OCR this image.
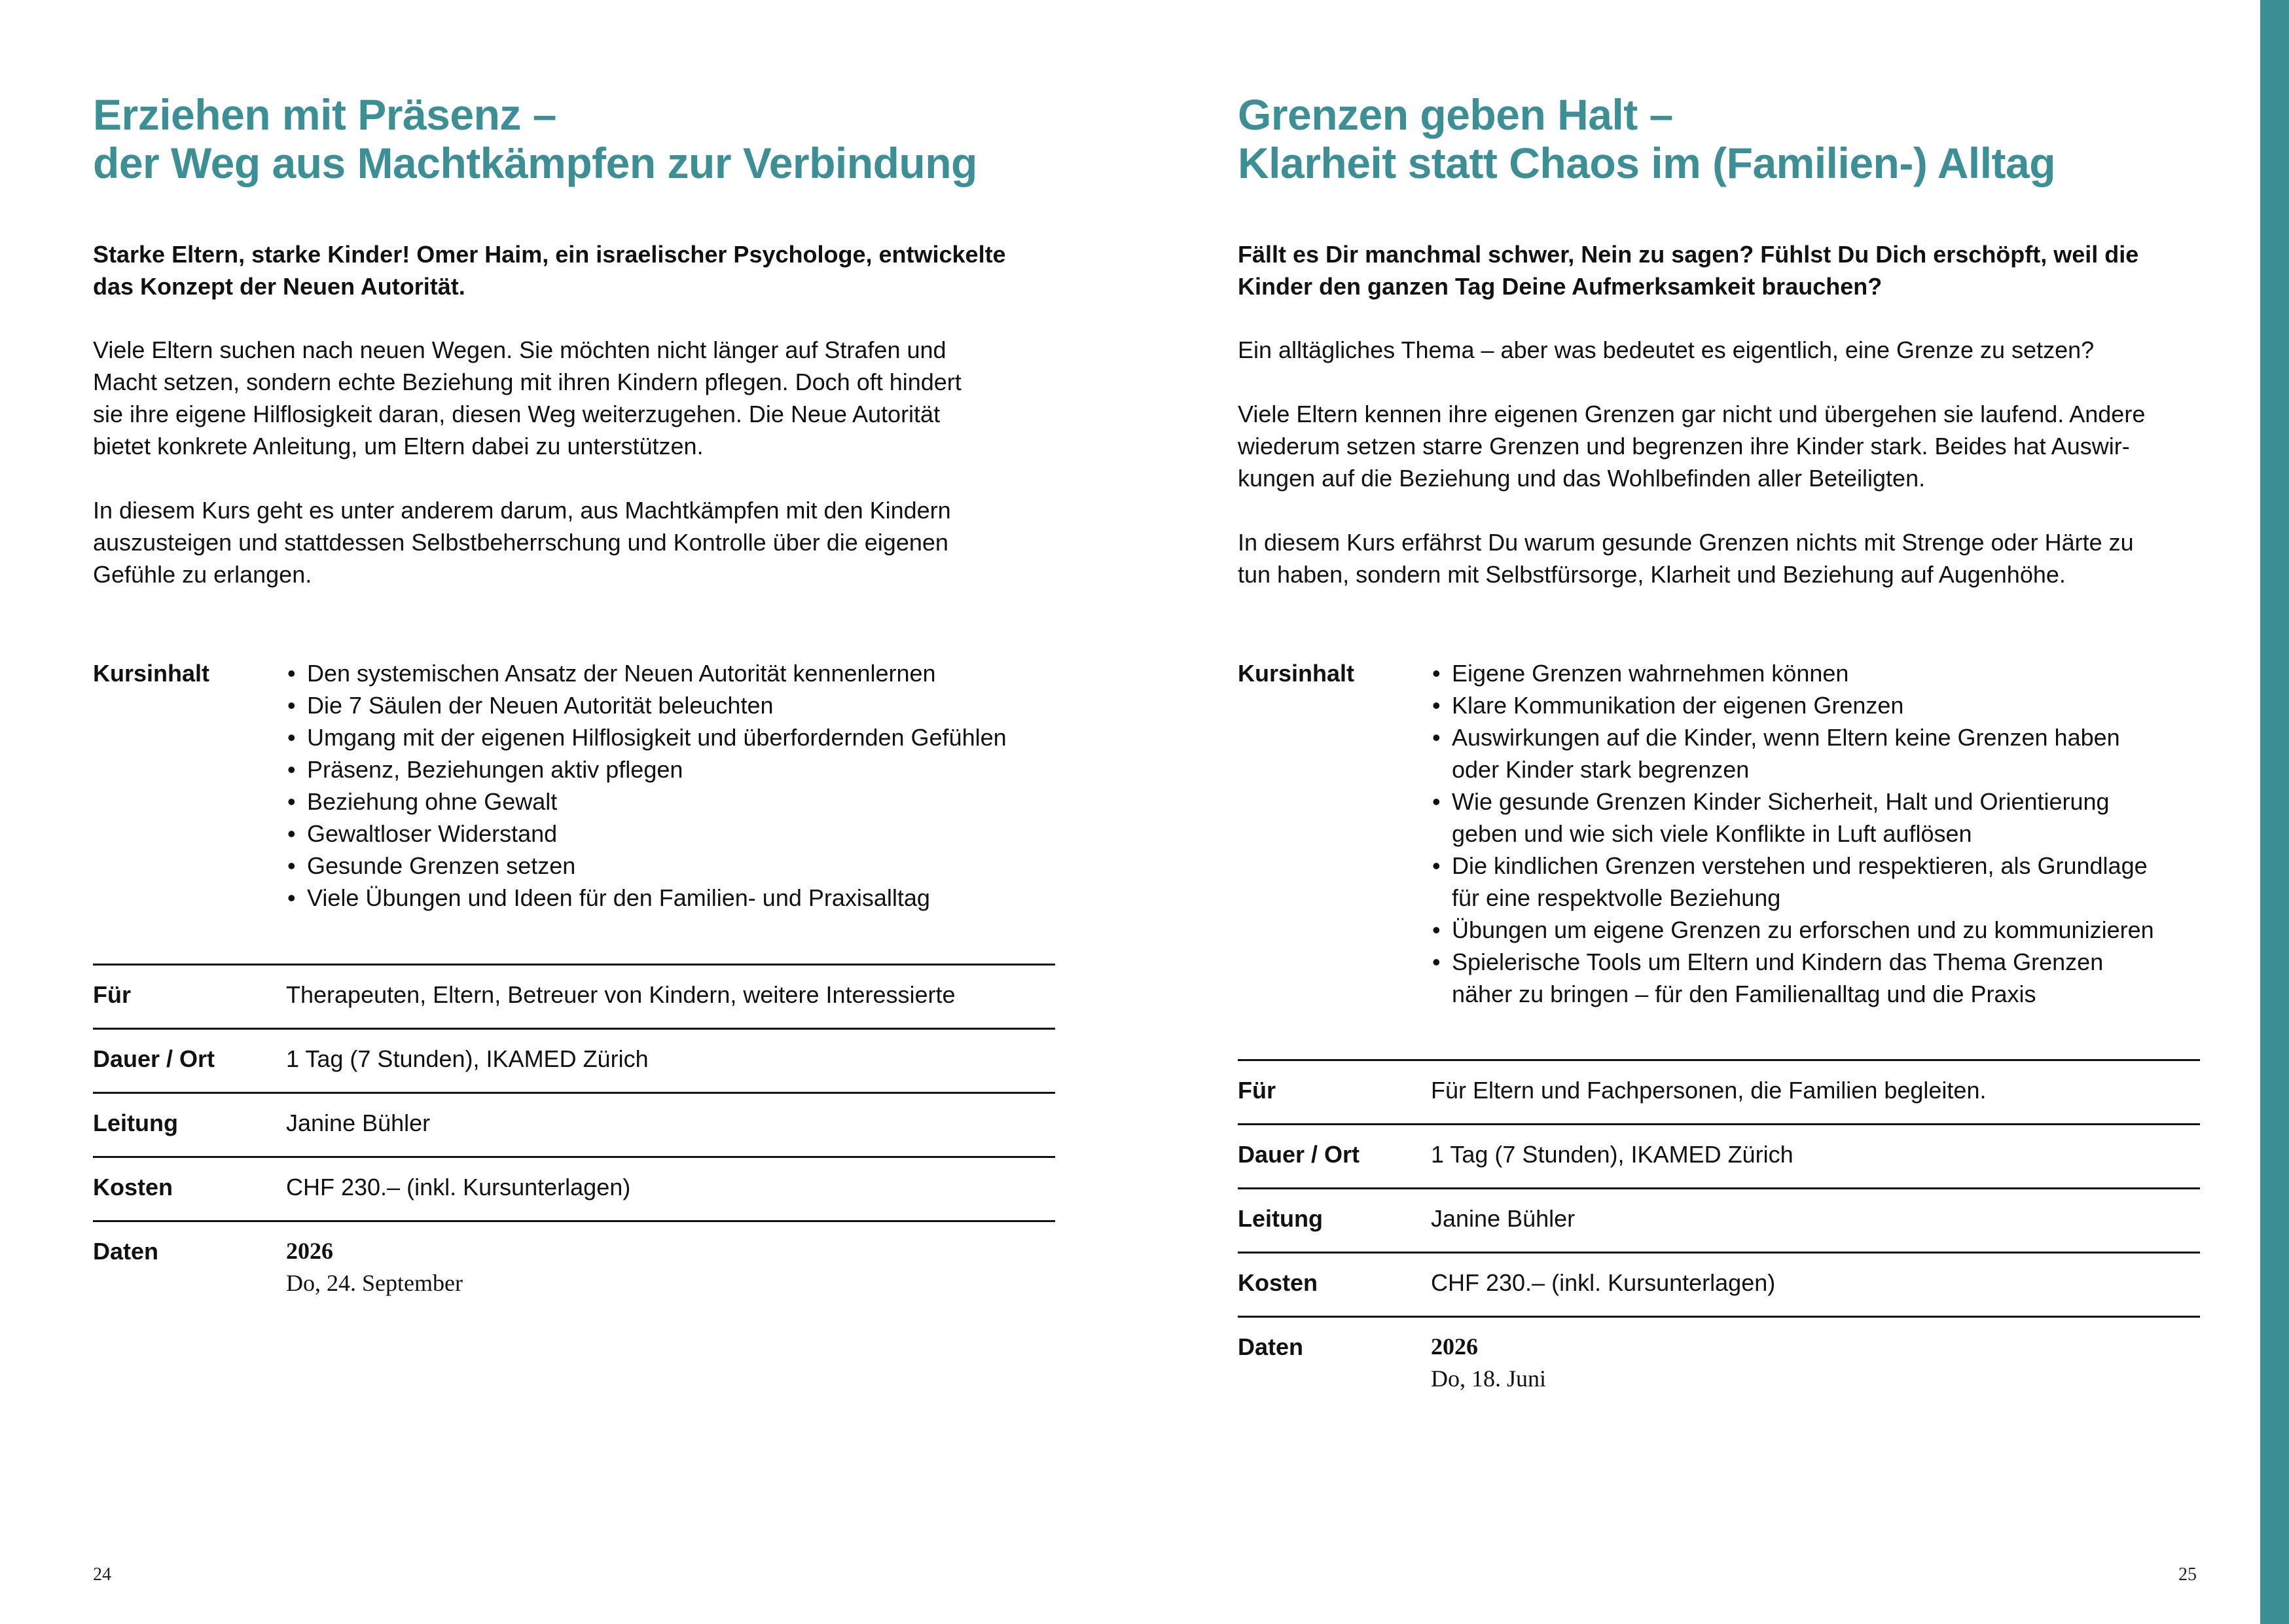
Erziehen mit Präsenz –
der Weg aus Machtkämpfen zur Verbindung

Starke Eltern, starke Kinder! Omer Haim, ein israelischer Psychologe, entwickelte
das Konzept der Neuen Autorität.

Viele Eltern suchen nach neuen Wegen. Sie möchten nicht länger auf Strafen und
Macht setzen, sondern echte Beziehung mit ihren Kindern pflegen. Doch oft hindert
sie ihre eigene Hilflosigkeit daran, diesen Weg weiterzugehen. Die Neue Autorität
bietet konkrete Anleitung, um Eltern dabei zu unterstützen.

In diesem Kurs geht es unter anderem darum, aus Machtkämpfen mit den Kindern
auszusteigen und stattdessen Selbstbeherrschung und Kontrolle über die eigenen
Gefühle zu erlangen.

Kursinhalt	• Den systemischen Ansatz der Neuen Autorität kennenlernen
• Die 7 Säulen der Neuen Autorität beleuchten
• Umgang mit der eigenen Hilflosigkeit und überfordernden Gefühlen
• Präsenz, Beziehungen aktiv pflegen
• Beziehung ohne Gewalt
• Gewaltloser Widerstand
• Gesunde Grenzen setzen
• Viele Übungen und Ideen für den Familien- und Praxisalltag
Für	Therapeuten, Eltern, Betreuer von Kindern, weitere Interessierte
Dauer / Ort	1 Tag (7 Stunden), IKAMED Zürich
Leitung	Janine Bühler
Kosten	CHF 230.– (inkl. Kursunterlagen)
Daten	2026
Do, 24. September
24
Grenzen geben Halt –
Klarheit statt Chaos im (Familien-) Alltag

Fällt es Dir manchmal schwer, Nein zu sagen? Fühlst Du Dich erschöpft, weil die
Kinder den ganzen Tag Deine Aufmerksamkeit brauchen?

Ein alltägliches Thema – aber was bedeutet es eigentlich, eine Grenze zu setzen?

Viele Eltern kennen ihre eigenen Grenzen gar nicht und übergehen sie laufend. Andere
wiederum setzen starre Grenzen und begrenzen ihre Kinder stark. Beides hat Auswir-
kungen auf die Beziehung und das Wohlbefinden aller Beteiligten.

In diesem Kurs erfährst Du warum gesunde Grenzen nichts mit Strenge oder Härte zu
tun haben, sondern mit Selbstfürsorge, Klarheit und Beziehung auf Augenhöhe.

Kursinhalt	• Eigene Grenzen wahrnehmen können
• Klare Kommunikation der eigenen Grenzen
• Auswirkungen auf die Kinder, wenn Eltern keine Grenzen haben
oder Kinder stark begrenzen
• Wie gesunde Grenzen Kinder Sicherheit, Halt und Orientierung
geben und wie sich viele Konflikte in Luft auflösen
• Die kindlichen Grenzen verstehen und respektieren, als Grundlage
für eine respektvolle Beziehung
• Übungen um eigene Grenzen zu erforschen und zu kommunizieren
• Spielerische Tools um Eltern und Kindern das Thema Grenzen
näher zu bringen – für den Familienalltag und die Praxis
Für	Für Eltern und Fachpersonen, die Familien begleiten.
Dauer / Ort	1 Tag (7 Stunden), IKAMED Zürich
Leitung	Janine Bühler
Kosten	CHF 230.– (inkl. Kursunterlagen)
Daten	2026
Do, 18. Juni
25
